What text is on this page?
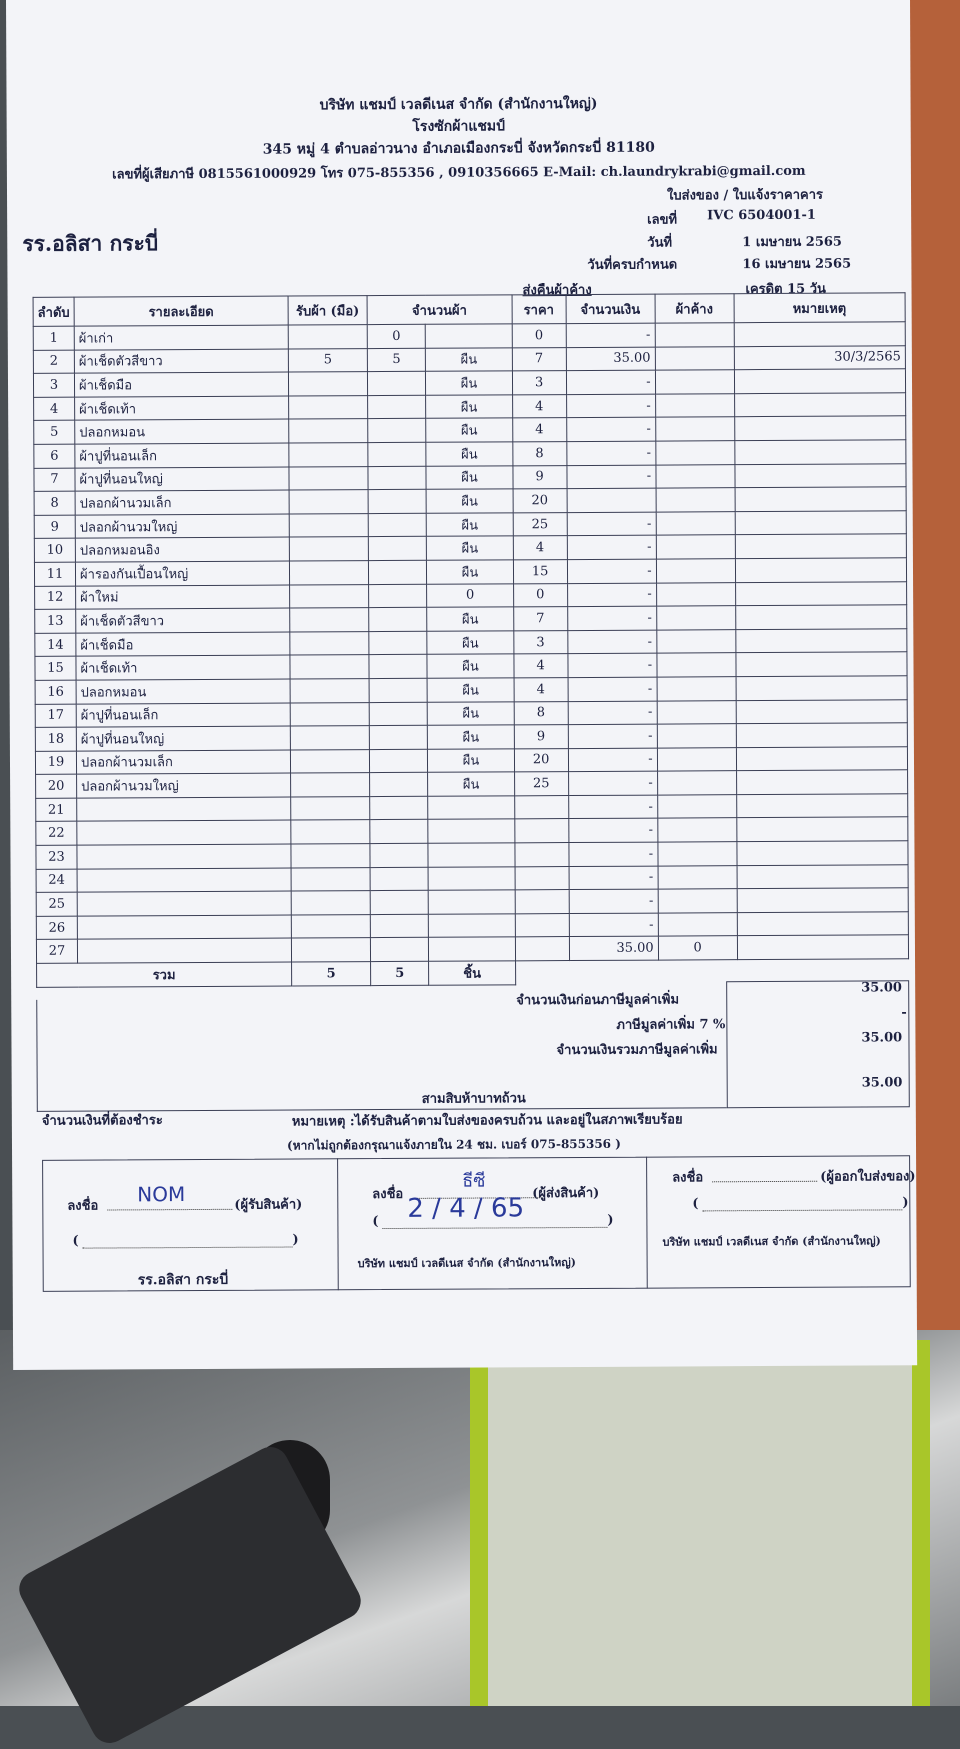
บริษัท แชมป์ เวลดีเนส จำกัด (สำนักงานใหญ่)
โรงซักผ้าแชมป์
345 หมู่ 4 ตำบลอ่าวนาง อำเภอเมืองกระบี่ จังหวัดกระบี่ 81180
เลขที่ผู้เสียภาษี 0815561000929 โทร 075-855356 , 0910356665 E-Mail: ch.laundrykrabi@gmail.com
ใบส่งของ / ใบแจ้งราคาคาร
เลขที่ IVC 6504001-1
วันที่	1 เมษายน 2565
วันที่ครบกำหนด	16 เมษายน 2565
รร.อลิสา กระบี่
ส่งคืนผ้าค้าง	เครดิต 15 วัน
ลำดับ	รายละเอียด	รับผ้า (มือ)	จำนวนผ้า		ราคา	จำนวนเงิน	ผ้าค้าง	หมายเหตุ
1	ผ้าเก่า		0		0	-		
2	ผ้าเช็ดตัวสีขาว	5	5	ผืน	7	35.00		30/3/2565
3	ผ้าเช็ดมือ			ผืน	3	-		
4	ผ้าเช็ดเท้า			ผืน	4	-		
5	ปลอกหมอน			ผืน	4	-		
6	ผ้าปูที่นอนเล็ก			ผืน	8	-		
7	ผ้าปูที่นอนใหญ่			ผืน	9	-		
8	ปลอกผ้านวมเล็ก			ผืน	20			
9	ปลอกผ้านวมใหญ่			ผืน	25	-		
10	ปลอกหมอนอิง			ผืน	4	-		
11	ผ้ารองกันเปื้อนใหญ่			ผืน	15	-		
12	ผ้าใหม่			0	0	-		
13	ผ้าเช็ดตัวสีขาว			ผืน	7	-		
14	ผ้าเช็ดมือ			ผืน	3	-		
15	ผ้าเช็ดเท้า			ผืน	4	-		
16	ปลอกหมอน			ผืน	4	-		
17	ผ้าปูที่นอนเล็ก			ผืน	8	-		
18	ผ้าปูที่นอนใหญ่			ผืน	9	-		
19	ปลอกผ้านวมเล็ก			ผืน	20	-		
20	ปลอกผ้านวมใหญ่			ผืน	25	-		
21						-		
22						-		
23						-		
24						-		
25						-		
26						-		
27						35.00	0	
รวม		5	5	ชิ้น				
จำนวนเงินก่อนภาษีมูลค่าเพิ่ม
35.00
ภาษีมูลค่าเพิ่ม 7 %
-
จำนวนเงินรวมภาษีมูลค่าเพิ่ม
35.00
35.00
สามสิบห้าบาทถ้วน
จำนวนเงินที่ต้องชำระ	หมายเหตุ :ได้รับสินค้าตามใบส่งของครบถ้วน และอยู่ในสภาพเรียบร้อย
(หากไม่ถูกต้องกรุณาแจ้งภายใน 24 ชม. เบอร์ 075-855356 )
ลงชื่อ NOM	(ผู้รับสินค้า)
(	)
รร.อลิสา กระบี่
ลงชื่อ
ธีซี
(ผู้ส่งสินค้า)
( 2 / 4 / 65	)
บริษัท แชมป์ เวลดีเนส จำกัด (สำนักงานใหญ่)
ลงชื่อ	(ผู้ออกใบส่งของ)
(	)
บริษัท แชมป์ เวลดีเนส จำกัด (สำนักงานใหญ่)
